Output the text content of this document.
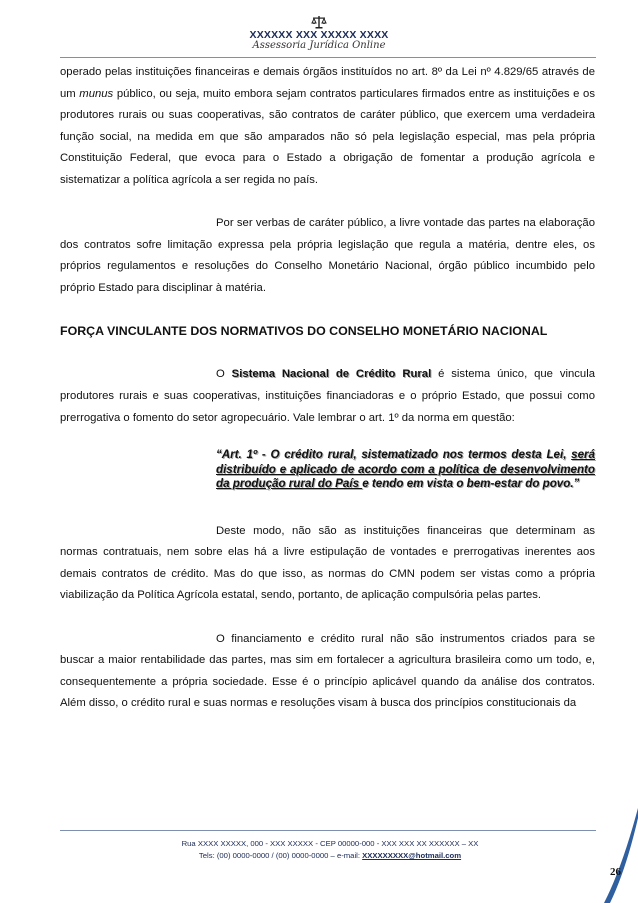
XXXXXX XXX XXXXX XXXX
Assessoria Jurídica Online

operado pelas instituições financeiras e demais órgãos instituídos no art. 8º da Lei nº 4.829/65 através de um munus público, ou seja, muito embora sejam contratos particulares firmados entre as instituições e os produtores rurais ou suas cooperativas, são contratos de caráter público, que exercem uma verdadeira função social, na medida em que são amparados não só pela legislação especial, mas pela própria Constituição Federal, que evoca para o Estado a obrigação de fomentar a produção agrícola e sistematizar a política agrícola a ser regida no país.

Por ser verbas de caráter público, a livre vontade das partes na elaboração dos contratos sofre limitação expressa pela própria legislação que regula a matéria, dentre eles, os próprios regulamentos e resoluções do Conselho Monetário Nacional, órgão público incumbido pelo próprio Estado para disciplinar à matéria.

FORÇA VINCULANTE DOS NORMATIVOS DO CONSELHO MONETÁRIO NACIONAL

O Sistema Nacional de Crédito Rural é sistema único, que vincula produtores rurais e suas cooperativas, instituições financiadoras e o próprio Estado, que possui como prerrogativa o fomento do setor agropecuário. Vale lembrar o art. 1º da norma em questão:

“Art. 1º - O crédito rural, sistematizado nos termos desta Lei, será distribuído e aplicado de acordo com a política de desenvolvimento da produção rural do País e tendo em vista o bem-estar do povo.”

Deste modo, não são as instituições financeiras que determinam as normas contratuais, nem sobre elas há a livre estipulação de vontades e prerrogativas inerentes aos demais contratos de crédito. Mas do que isso, as normas do CMN podem ser vistas como a própria viabilização da Política Agrícola estatal, sendo, portanto, de aplicação compulsória pelas partes.

O financiamento e crédito rural não são instrumentos criados para se buscar a maior rentabilidade das partes, mas sim em fortalecer a agricultura brasileira como um todo, e, consequentemente a própria sociedade. Esse é o princípio aplicável quando da análise dos contratos. Além disso, o crédito rural e suas normas e resoluções visam à busca dos princípios constitucionais da

Rua XXXX XXXXX, 000 - XXX XXXXX - CEP 00000-000 - XXX XXX XX XXXXXX – XX
Tels: (00) 0000-0000 / (00) 0000-0000 – e-mail: XXXXXXXXX@hotmail.com
26
